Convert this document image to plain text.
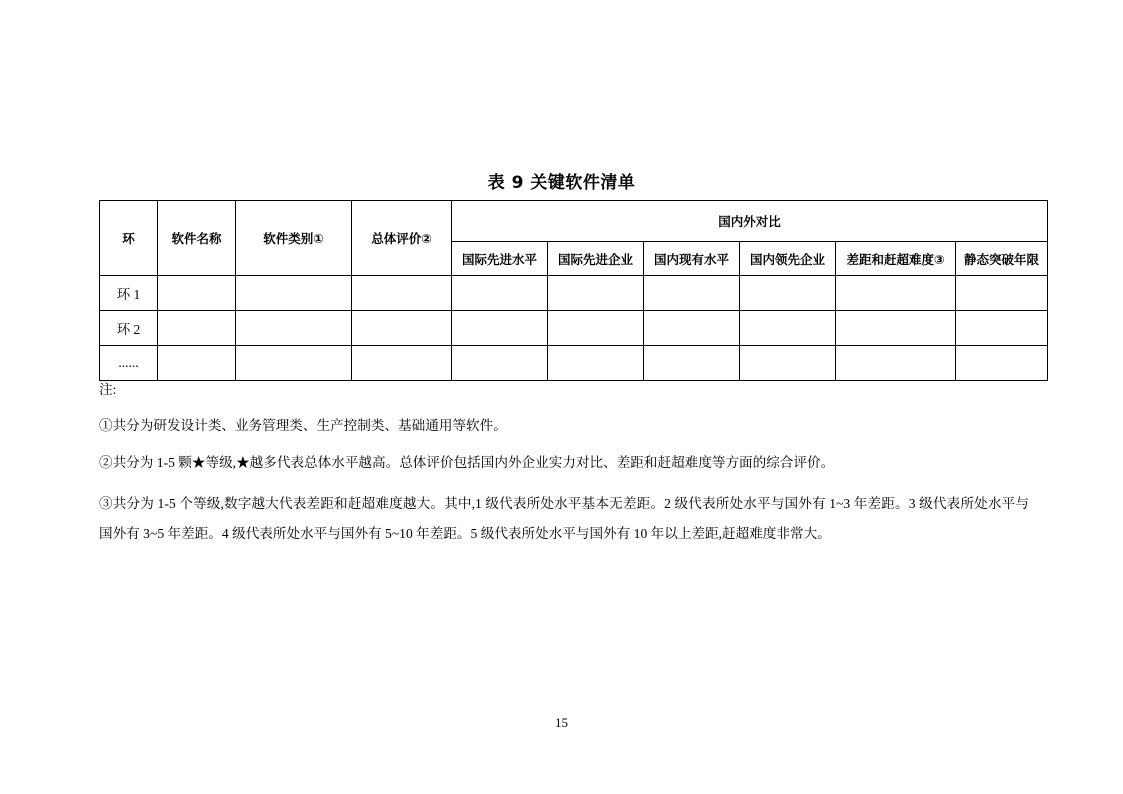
表 9 关键软件清单
环	软件名称	软件类别①	总体评价②	国内外对比					
				国际先进水平	国际先进企业	国内现有水平	国内领先企业	差距和赶超难度③	静态突破年限
环 1									
环 2									
......									

注:

①共分为研发设计类、业务管理类、生产控制类、基础通用等软件。

②共分为 1-5 颗★等级,★越多代表总体水平越高。总体评价包括国内外企业实力对比、差距和赶超难度等方面的综合评价。

③共分为 1-5 个等级,数字越大代表差距和赶超难度越大。其中,1 级代表所处水平基本无差距。2 级代表所处水平与国外有 1~3 年差距。3 级代表所处水平与国外有 3~5 年差距。4 级代表所处水平与国外有 5~10 年差距。5 级代表所处水平与国外有 10 年以上差距,赶超难度非常大。

15
